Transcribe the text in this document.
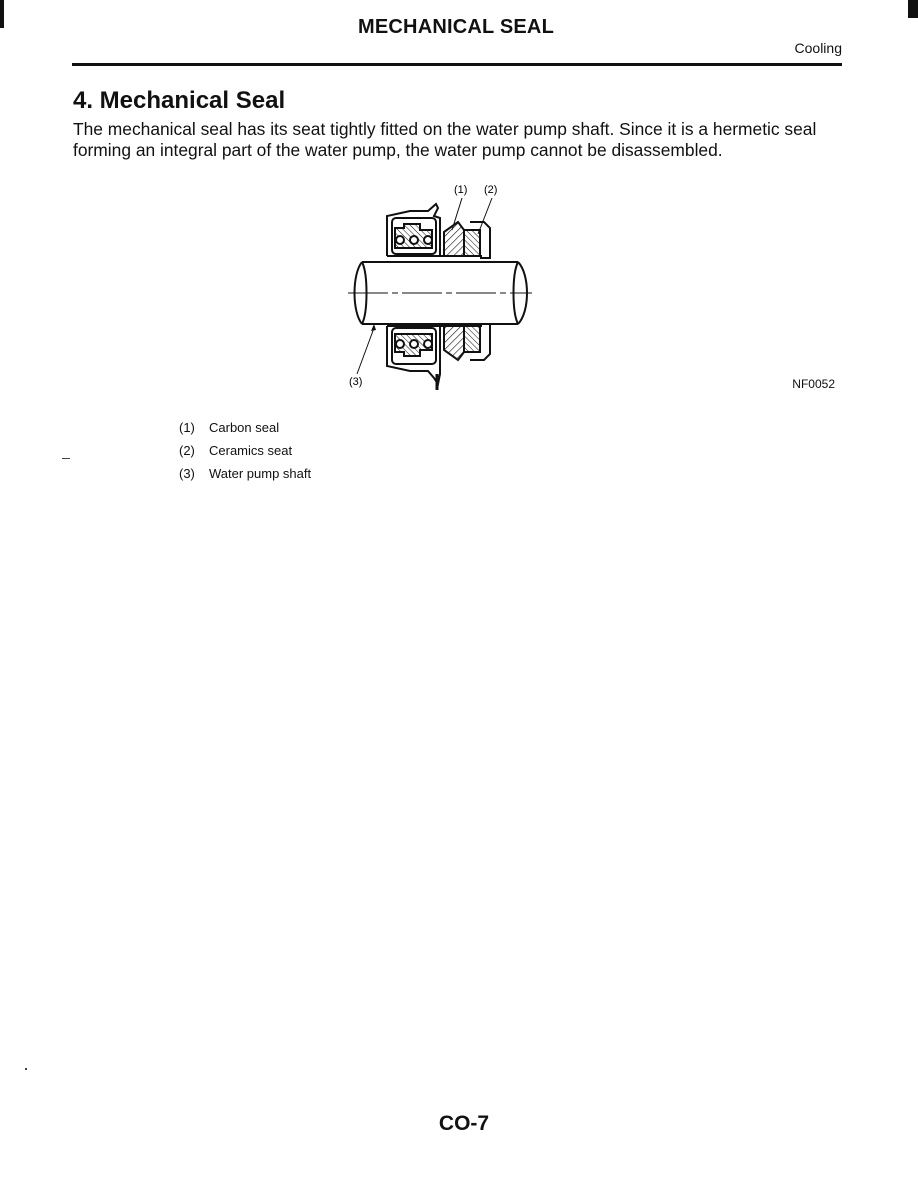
MECHANICAL SEAL
Cooling
4. Mechanical Seal
The mechanical seal has its seat tightly fitted on the water pump shaft. Since it is a hermetic seal forming an integral part of the water pump, the water pump cannot be disassembled.
(1) (2)
(3)	NF0052
(1)	Carbon seal
(2)	Ceramics seat
(3)	Water pump shaft
CO-7
